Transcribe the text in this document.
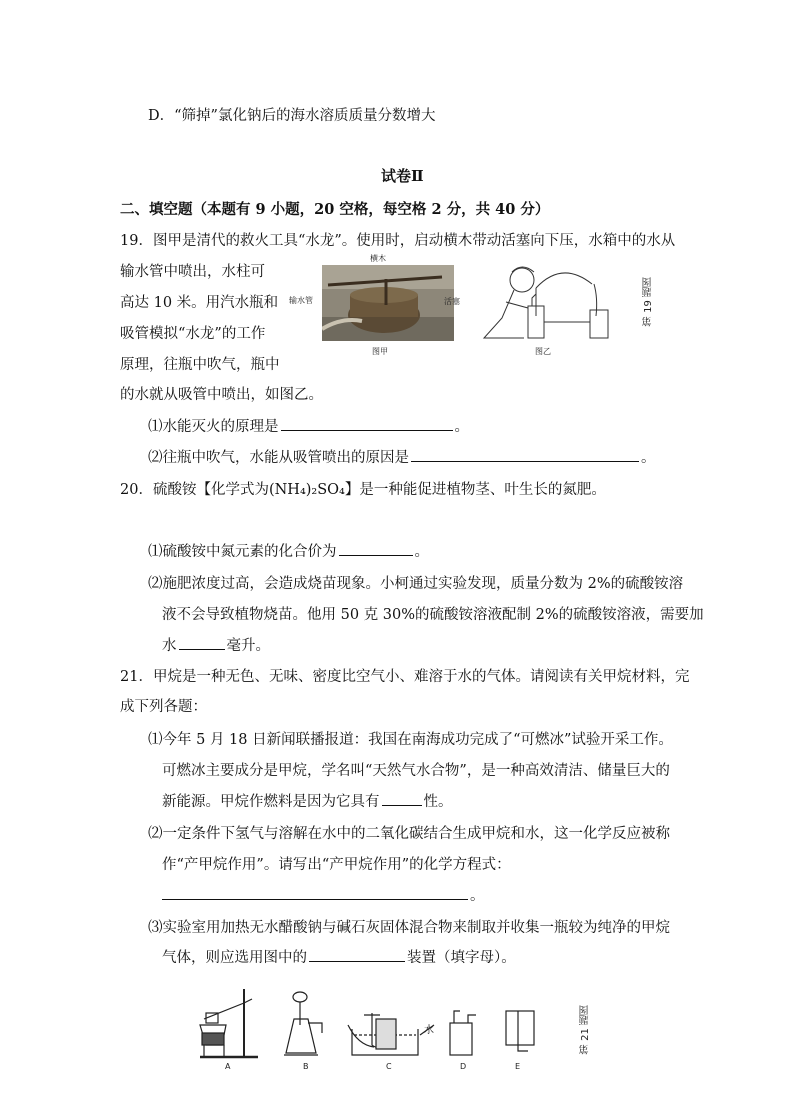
D．“筛掉”氯化钠后的海水溶质质量分数增大
试卷Ⅱ
二、填空题（本题有 9 小题，20 空格，每空格 2 分，共 40 分）
19．图甲是清代的救火工具“水龙”。使用时，启动横木带动活塞向下压，水箱中的水从
输水管中喷出，水柱可
高达 10 米。用汽水瓶和
吸管模拟“水龙”的工作
原理，往瓶中吹气，瓶中
的水就从吸管中喷出，如图乙。
横木
输水管	活塞
图甲	图乙
第 19 题图
⑴水能灭火的原理是	。
⑵往瓶中吹气，水能从吸管喷出的原因是	。
20．硫酸铵【化学式为(NH₄)₂SO₄】是一种能促进植物茎、叶生长的氮肥。
⑴硫酸铵中氮元素的化合价为	。
⑵施肥浓度过高，会造成烧苗现象。小柯通过实验发现，质量分数为 2%的硫酸铵溶
液不会导致植物烧苗。他用 50 克 30%的硫酸铵溶液配制 2%的硫酸铵溶液，需要加
水	毫升。
21．甲烷是一种无色、无味、密度比空气小、难溶于水的气体。请阅读有关甲烷材料，完
成下列各题：
⑴今年 5 月 18 日新闻联播报道：我国在南海成功完成了“可燃冰”试验开采工作。
可燃冰主要成分是甲烷，学名叫“天然气水合物”，是一种高效清洁、储量巨大的
新能源。甲烷作燃料是因为它具有	性。
⑵一定条件下氢气与溶解在水中的二氧化碳结合生成甲烷和水，这一化学反应被称
作“产甲烷作用”。请写出“产甲烷作用”的化学方程式：
。
⑶实验室用加热无水醋酸钠与碱石灰固体混合物来制取并收集一瓶较为纯净的甲烷
气体，则应选用图中的	装置（填字母）。
A	B	C	D	E
水	第 21 题图
